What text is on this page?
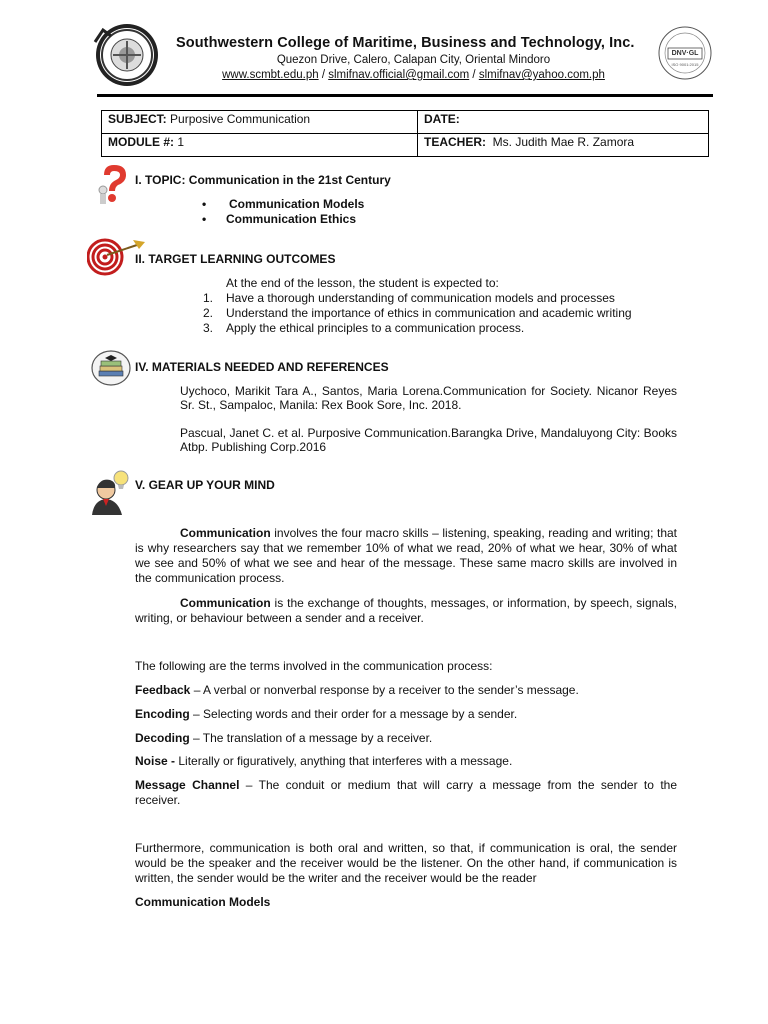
Southwestern College of Maritime, Business and Technology, Inc.
Quezon Drive, Calero, Calapan City, Oriental Mindoro
www.scmbt.edu.ph / slmifnav.official@gmail.com / slmifnav@yahoo.com.ph
DNV·GL
ISO 9001:2015
SUBJECT: Purposive Communication	DATE:
MODULE #: 1	TEACHER: Ms. Judith Mae R. Zamora
I. TOPIC: Communication in the 21st Century
• Communication Models
• Communication Ethics
II. TARGET LEARNING OUTCOMES
At the end of the lesson, the student is expected to:
1. Have a thorough understanding of communication models and processes
2. Understand the importance of ethics in communication and academic writing
3. Apply the ethical principles to a communication process.
IV. MATERIALS NEEDED AND REFERENCES
Uychoco, Marikit Tara A., Santos, Maria Lorena.Communication for Society. Nicanor Reyes Sr. St., Sampaloc, Manila: Rex Book Sore, Inc. 2018.
Pascual, Janet C. et al. Purposive Communication.Barangka Drive, Mandaluyong City: Books Atbp. Publishing Corp.2016
V. GEAR UP YOUR MIND
Communication involves the four macro skills – listening, speaking, reading and writing; that is why researchers say that we remember 10% of what we read, 20% of what we hear, 30% of what we see and 50% of what we see and hear of the message. These same macro skills are involved in the communication process.
Communication is the exchange of thoughts, messages, or information, by speech, signals, writing, or behaviour between a sender and a receiver.
The following are the terms involved in the communication process:
Feedback – A verbal or nonverbal response by a receiver to the sender’s message.
Encoding – Selecting words and their order for a message by a sender.
Decoding – The translation of a message by a receiver.
Noise - Literally or figuratively, anything that interferes with a message.
Message Channel – The conduit or medium that will carry a message from the sender to the receiver.
Furthermore, communication is both oral and written, so that, if communication is oral, the sender would be the speaker and the receiver would be the listener. On the other hand, if communication is written, the sender would be the writer and the receiver would be the reader
Communication Models
